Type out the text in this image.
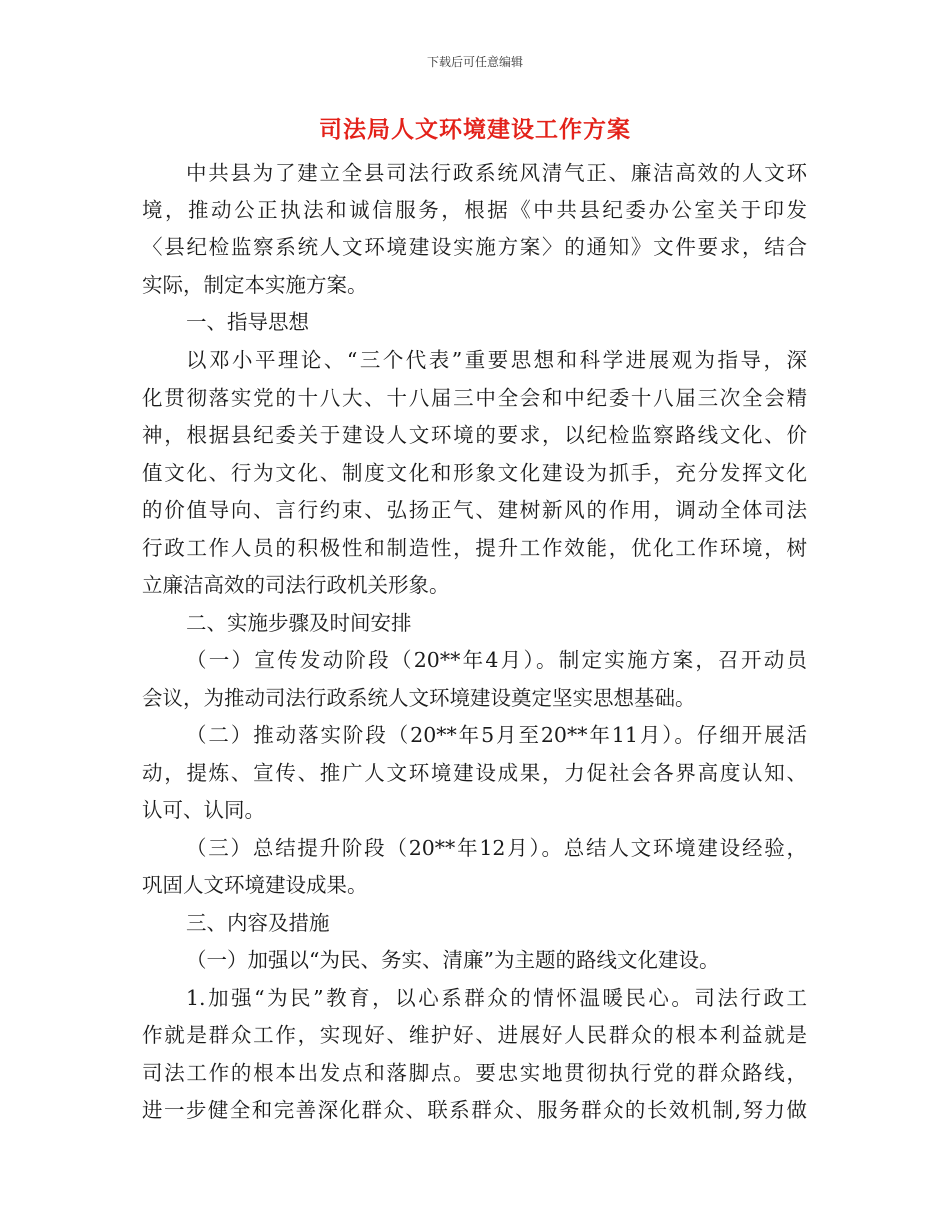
下载后可任意编辑
司法局人文环境建设工作方案
中共县为了建立全县司法行政系统风清气正、廉洁高效的人文环
境，推动公正执法和诚信服务，根据《中共县纪委办公室关于印发
〈县纪检监察系统人文环境建设实施方案〉的通知》文件要求，结合
实际，制定本实施方案。
一、指导思想
以邓小平理论、“三个代表”重要思想和科学进展观为指导，深
化贯彻落实党的十八大、十八届三中全会和中纪委十八届三次全会精
神，根据县纪委关于建设人文环境的要求，以纪检监察路线文化、价
值文化、行为文化、制度文化和形象文化建设为抓手，充分发挥文化
的价值导向、言行约束、弘扬正气、建树新风的作用，调动全体司法
行政工作人员的积极性和制造性，提升工作效能，优化工作环境，树
立廉洁高效的司法行政机关形象。
二、实施步骤及时间安排
（一）宣传发动阶段（20**年4月）。制定实施方案，召开动员
会议，为推动司法行政系统人文环境建设奠定坚实思想基础。
（二）推动落实阶段（20**年5月至20**年11月）。仔细开展活
动，提炼、宣传、推广人文环境建设成果，力促社会各界高度认知、
认可、认同。
（三）总结提升阶段（20**年12月）。总结人文环境建设经验，
巩固人文环境建设成果。
三、内容及措施
（一）加强以“为民、务实、清廉”为主题的路线文化建设。
1.加强“为民”教育，以心系群众的情怀温暖民心。司法行政工
作就是群众工作，实现好、维护好、进展好人民群众的根本利益就是
司法工作的根本出发点和落脚点。要忠实地贯彻执行党的群众路线，
进一步健全和完善深化群众、联系群众、服务群众的长效机制,努力做
